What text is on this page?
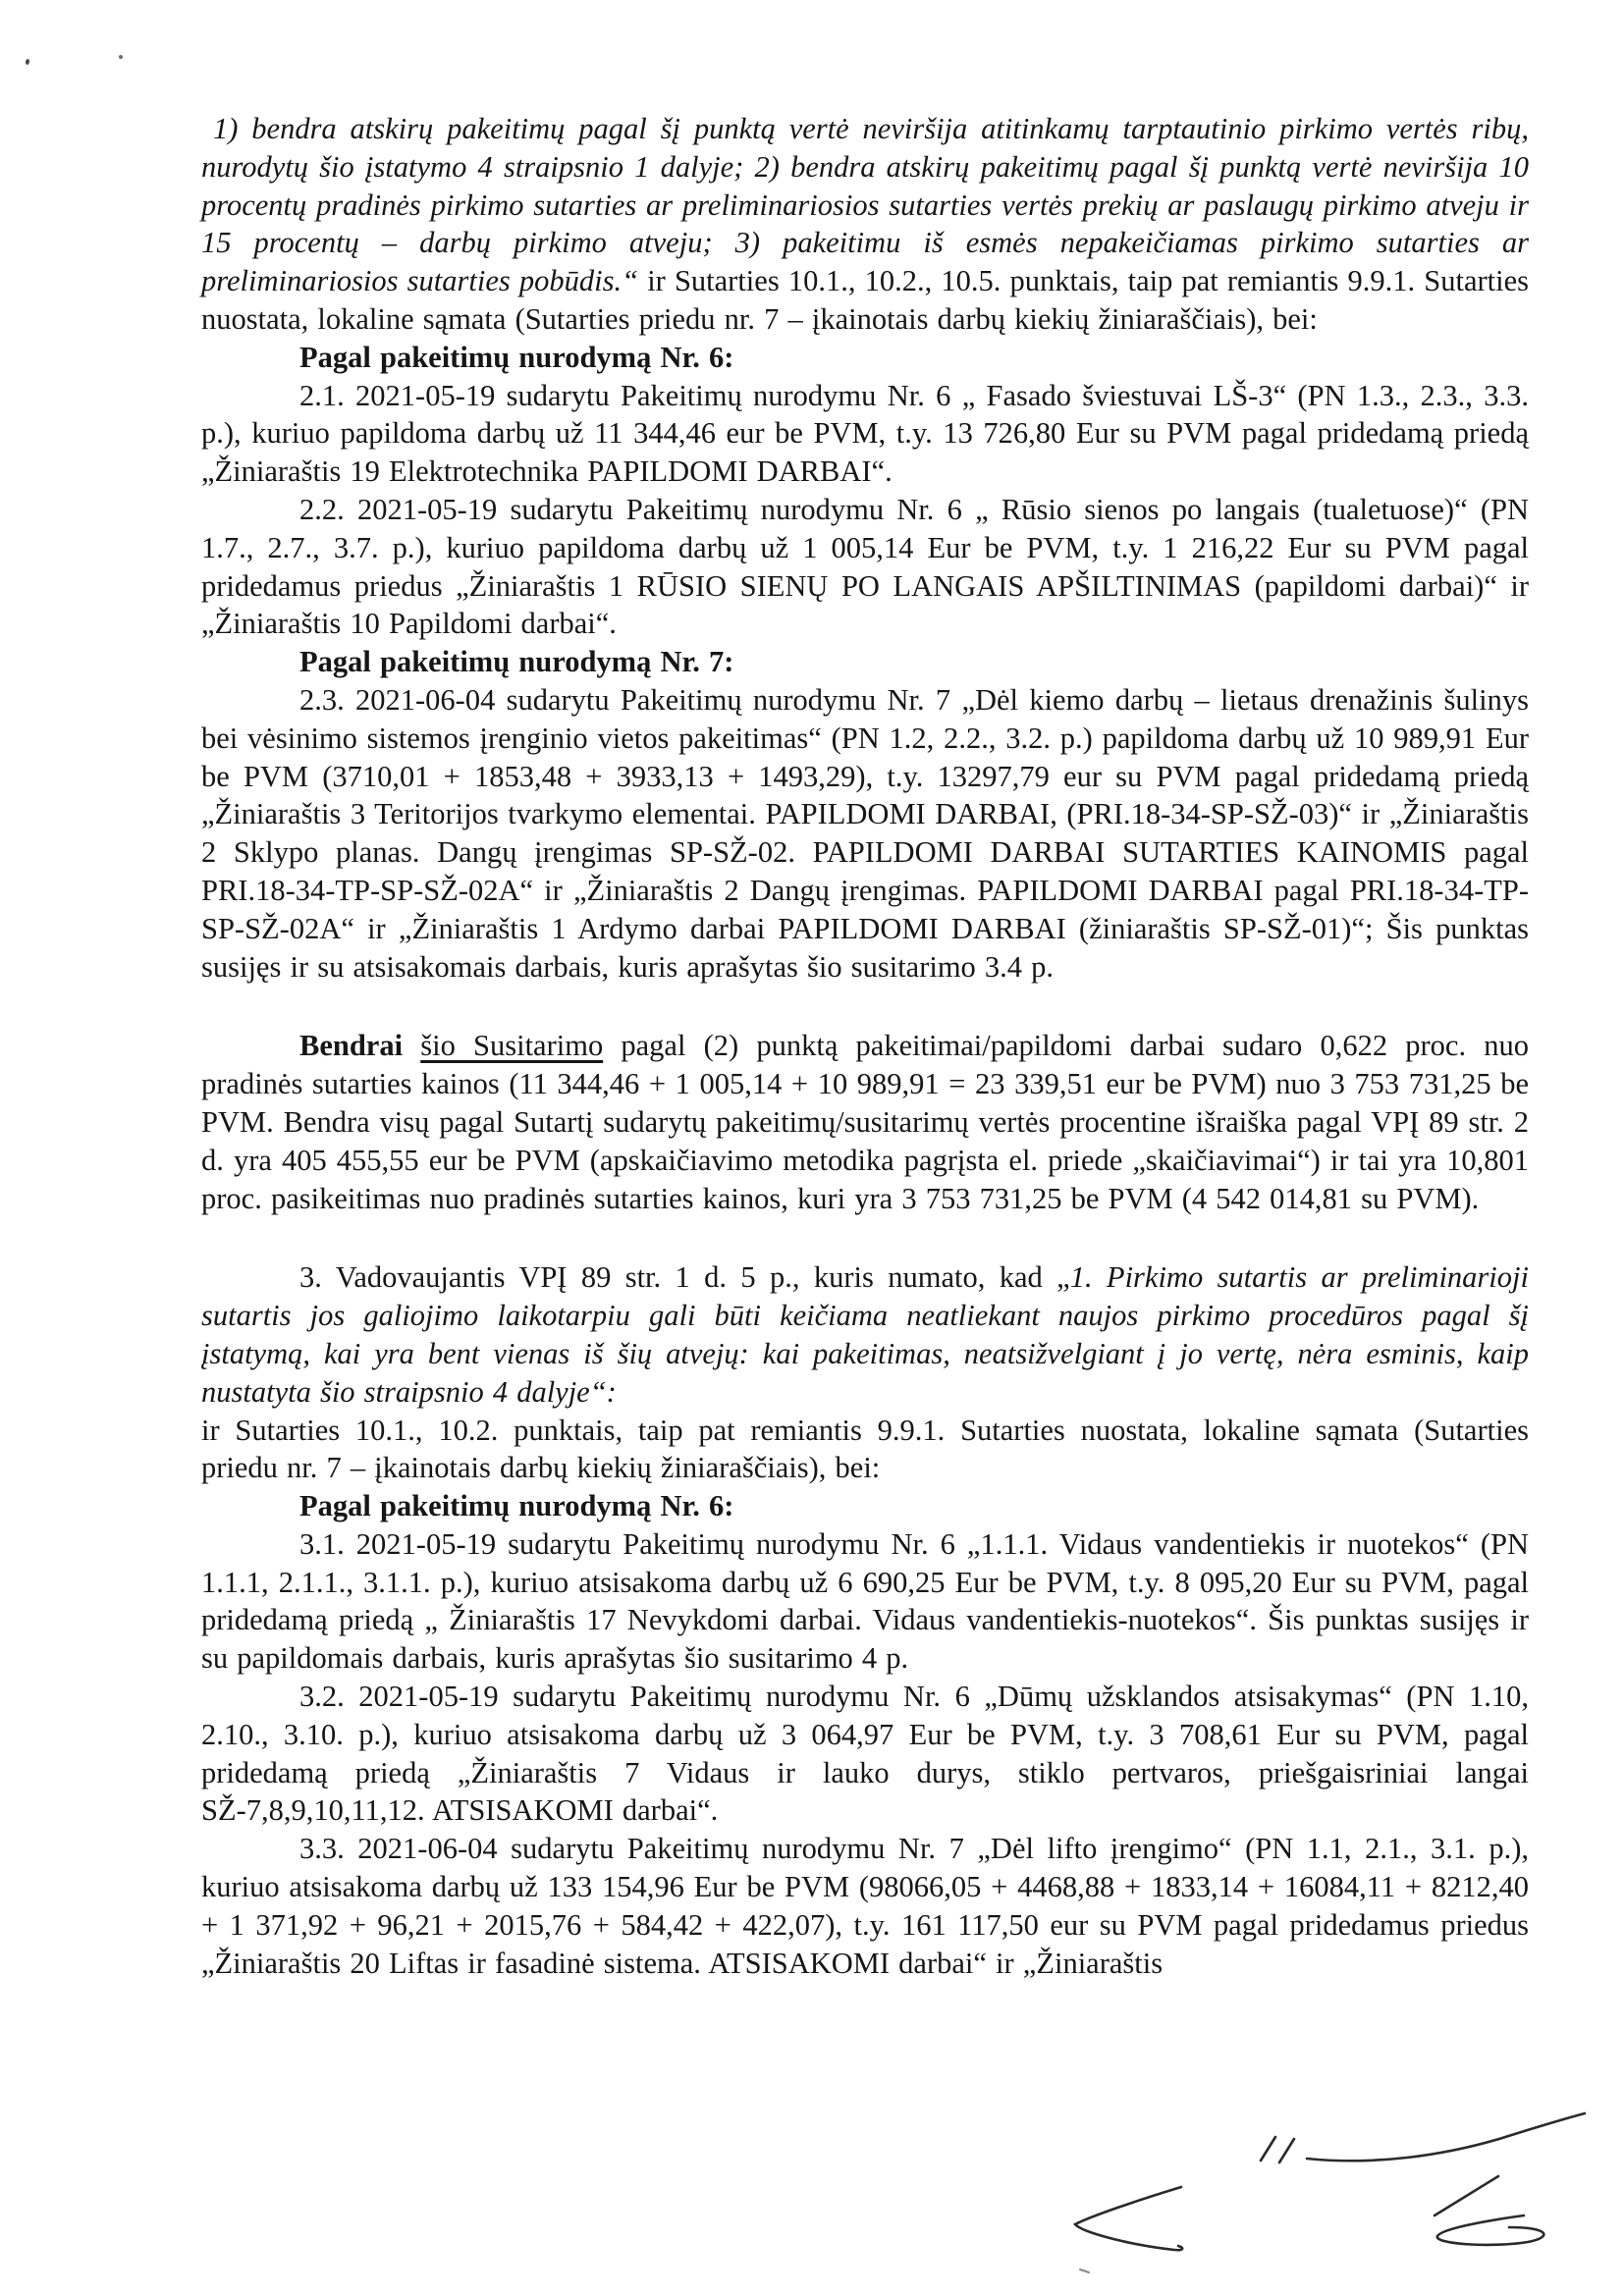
1) bendra atskirų pakeitimų pagal šį punktą vertė neviršija atitinkamų tarptautinio pirkimo vertės ribų, nurodytų šio įstatymo 4 straipsnio 1 dalyje; 2) bendra atskirų pakeitimų pagal šį punktą vertė neviršija 10 procentų pradinės pirkimo sutarties ar preliminariosios sutarties vertės prekių ar paslaugų pirkimo atveju ir 15 procentų – darbų pirkimo atveju; 3) pakeitimu iš esmės nepakeičiamas pirkimo sutarties ar preliminariosios sutarties pobūdis.“ ir Sutarties 10.1., 10.2., 10.5. punktais, taip pat remiantis 9.9.1. Sutarties nuostata, lokaline sąmata (Sutarties priedu nr. 7 – įkainotais darbų kiekių žiniaraščiais), bei:

Pagal pakeitimų nurodymą Nr. 6:

2.1. 2021-05-19 sudarytu Pakeitimų nurodymu Nr. 6 „ Fasado šviestuvai LŠ-3“ (PN 1.3., 2.3., 3.3. p.), kuriuo papildoma darbų už 11 344,46 eur be PVM, t.y. 13 726,80 Eur su PVM pagal pridedamą priedą „Žiniaraštis 19 Elektrotechnika PAPILDOMI DARBAI“.

2.2. 2021-05-19 sudarytu Pakeitimų nurodymu Nr. 6 „ Rūsio sienos po langais (tualetuose)“ (PN 1.7., 2.7., 3.7. p.), kuriuo papildoma darbų už 1 005,14 Eur be PVM, t.y. 1 216,22 Eur su PVM pagal pridedamus priedus „Žiniaraštis 1 RŪSIO SIENŲ PO LANGAIS APŠILTINIMAS (papildomi darbai)“ ir „Žiniaraštis 10 Papildomi darbai“.

Pagal pakeitimų nurodymą Nr. 7:

2.3. 2021-06-04 sudarytu Pakeitimų nurodymu Nr. 7 „Dėl kiemo darbų – lietaus drenažinis šulinys bei vėsinimo sistemos įrenginio vietos pakeitimas“ (PN 1.2, 2.2., 3.2. p.) papildoma darbų už 10 989,91 Eur be PVM (3710,01 + 1853,48 + 3933,13 + 1493,29), t.y. 13297,79 eur su PVM pagal pridedamą priedą „Žiniaraštis 3 Teritorijos tvarkymo elementai. PAPILDOMI DARBAI, (PRI.18-34-SP-SŽ-03)“ ir „Žiniaraštis 2 Sklypo planas. Dangų įrengimas SP-SŽ-02. PAPILDOMI DARBAI SUTARTIES KAINOMIS pagal PRI.18-34-TP-SP-SŽ-02A“ ir „Žiniaraštis 2 Dangų įrengimas. PAPILDOMI DARBAI pagal PRI.18-34-TP-SP-SŽ-02A“ ir „Žiniaraštis 1 Ardymo darbai PAPILDOMI DARBAI (žiniaraštis SP-SŽ-01)“; Šis punktas susijęs ir su atsisakomais darbais, kuris aprašytas šio susitarimo 3.4 p.

Bendrai šio Susitarimo pagal (2) punktą pakeitimai/papildomi darbai sudaro 0,622 proc. nuo pradinės sutarties kainos (11 344,46 + 1 005,14 + 10 989,91 = 23 339,51 eur be PVM) nuo 3 753 731,25 be PVM. Bendra visų pagal Sutartį sudarytų pakeitimų/susitarimų vertės procentine išraiška pagal VPĮ 89 str. 2 d. yra 405 455,55 eur be PVM (apskaičiavimo metodika pagrįsta el. priede „skaičiavimai“) ir tai yra 10,801 proc. pasikeitimas nuo pradinės sutarties kainos, kuri yra 3 753 731,25 be PVM (4 542 014,81 su PVM).

3. Vadovaujantis VPĮ 89 str. 1 d. 5 p., kuris numato, kad „1. Pirkimo sutartis ar preliminarioji sutartis jos galiojimo laikotarpiu gali būti keičiama neatliekant naujos pirkimo procedūros pagal šį įstatymą, kai yra bent vienas iš šių atvejų: kai pakeitimas, neatsižvelgiant į jo vertę, nėra esminis, kaip nustatyta šio straipsnio 4 dalyje“:

ir Sutarties 10.1., 10.2. punktais, taip pat remiantis 9.9.1. Sutarties nuostata, lokaline sąmata (Sutarties priedu nr. 7 – įkainotais darbų kiekių žiniaraščiais), bei:

Pagal pakeitimų nurodymą Nr. 6:

3.1. 2021-05-19 sudarytu Pakeitimų nurodymu Nr. 6 „1.1.1. Vidaus vandentiekis ir nuotekos“ (PN 1.1.1, 2.1.1., 3.1.1. p.), kuriuo atsisakoma darbų už 6 690,25 Eur be PVM, t.y. 8 095,20 Eur su PVM, pagal pridedamą priedą „ Žiniaraštis 17 Nevykdomi darbai. Vidaus vandentiekis-nuotekos“. Šis punktas susijęs ir su papildomais darbais, kuris aprašytas šio susitarimo 4 p.

3.2. 2021-05-19 sudarytu Pakeitimų nurodymu Nr. 6 „Dūmų užsklandos atsisakymas“ (PN 1.10, 2.10., 3.10. p.), kuriuo atsisakoma darbų už 3 064,97 Eur be PVM, t.y. 3 708,61 Eur su PVM, pagal pridedamą priedą „Žiniaraštis 7 Vidaus ir lauko durys, stiklo pertvaros, priešgaisriniai langai SŽ-7,8,9,10,11,12. ATSISAKOMI darbai“.

3.3. 2021-06-04 sudarytu Pakeitimų nurodymu Nr. 7 „Dėl lifto įrengimo“ (PN 1.1, 2.1., 3.1. p.), kuriuo atsisakoma darbų už 133 154,96 Eur be PVM (98066,05 + 4468,88 + 1833,14 + 16084,11 + 8212,40 + 1 371,92 + 96,21 + 2015,76 + 584,42 + 422,07), t.y. 161 117,50 eur su PVM pagal pridedamus priedus „Žiniaraštis 20 Liftas ir fasadinė sistema. ATSISAKOMI darbai“ ir „Žiniaraštis
